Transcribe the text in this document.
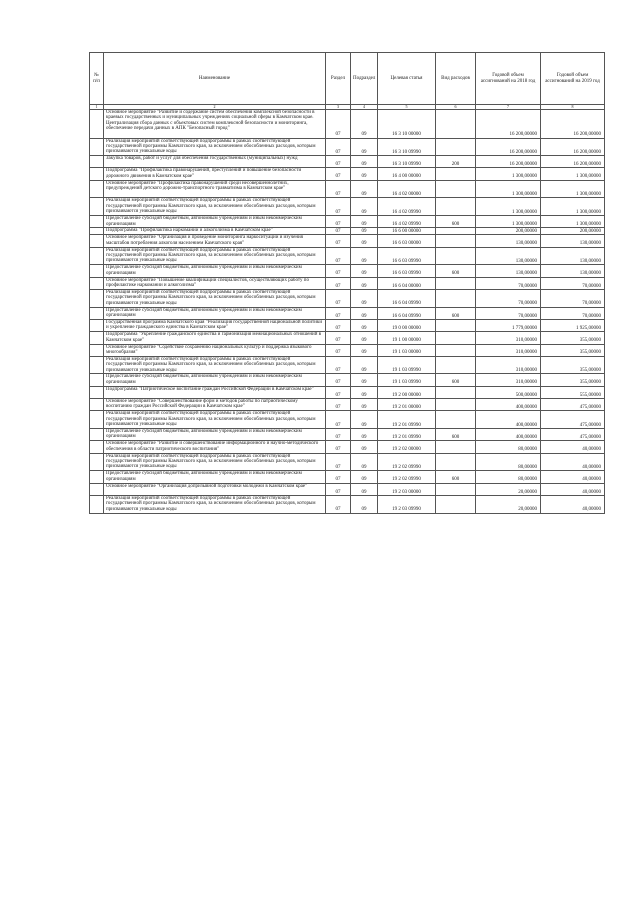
№ п/п	Наименование	Раздел	Подраздел	Целевая статья	Вид расходов	Годовой объем ассигнований на 2018 год	Годовой объем ассигнований на 2019 год
1	2	3	4	5	6	7	8
	Основное мероприятие "Развитие и содержание систем обеспечения комплексной безопасности в краевых государственных и муниципальных учреждениях социальной сферы в Камчатском крае. Централизация сбора данных с объектовых систем комплексной безопасности и мониторинга, обеспечение передачи данных в АПК "Безопасный город"	07	09	16 3 10 00000		16 200,00000	16 200,00000
	Реализация мероприятий соответствующей подпрограммы в рамках соответствующей государственной программы Камчатского края, за исключением обособленных расходов, которым присваиваются уникальные коды	07	09	16 3 10 09990		16 200,00000	16 200,00000
	Закупка товаров, работ и услуг для обеспечения государственных (муниципальных) нужд	07	09	16 3 10 09990	200	16 200,00000	16 200,00000
	Подпрограмма "Профилактика правонарушений, преступлений и повышение безопасности дорожного движения в Камчатском крае"	07	09	16 4 00 00000		1 300,00000	1 300,00000
	Основное мероприятие "Профилактика правонарушений среди несовершеннолетних, предупреждений детского дорожно-транспортного травматизма в Камчатском крае"	07	09	16 4 02 00000		1 300,00000	1 300,00000
	Реализация мероприятий соответствующей подпрограммы в рамках соответствующей государственной программы Камчатского края, за исключением обособленных расходов, которым присваиваются уникальные коды	07	09	16 4 02 09990		1 300,00000	1 300,00000
	Предоставление субсидий бюджетным, автономным учреждениям и иным некоммерческим организациям	07	09	16 4 02 09990	600	1 300,00000	1 300,00000
	Подпрограмма "Профилактика наркомании и алкоголизма в Камчатском крае"	07	09	16 6 00 00000		200,00000	200,00000
	Основное мероприятие "Организация и проведение мониторинга наркоситуации и изучения масштабов потребления алкоголя населением Камчатского края"	07	09	16 6 03 00000		130,00000	130,00000
	Реализация мероприятий соответствующей подпрограммы в рамках соответствующей государственной программы Камчатского края, за исключением обособленных расходов, которым присваиваются уникальные коды	07	09	16 6 03 09990		130,00000	130,00000
	Предоставление субсидий бюджетным, автономным учреждениям и иным некоммерческим организациям	07	09	16 6 03 09990	600	130,00000	130,00000
	Основное мероприятие "Повышение квалификации специалистов, осуществляющих работу по профилактике наркомании и алкоголизма"	07	09	16 6 04 00000		70,00000	70,00000
	Реализация мероприятий соответствующей подпрограммы в рамках соответствующей государственной программы Камчатского края, за исключением обособленных расходов, которым присваиваются уникальные коды	07	09	16 6 04 09990		70,00000	70,00000
	Предоставление субсидий бюджетным, автономным учреждениям и иным некоммерческим организациям	07	09	16 6 04 09990	600	70,00000	70,00000
	Государственная программа Камчатского края "Реализация государственной национальной политики и укрепление гражданского единства в Камчатском крае"	07	09	19 0 00 00000		1 779,00000	1 925,00000
	Подпрограмма "Укрепление гражданского единства и гармонизация межнациональных отношений в Камчатском крае"	07	09	19 1 00 00000		310,00000	355,00000
	Основное мероприятие "Содействие сохранению национальных культур и поддержка языкового многообразия"	07	09	19 1 03 00000		310,00000	355,00000
	Реализация мероприятий соответствующей подпрограммы в рамках соответствующей государственной программы Камчатского края, за исключением обособленных расходов, которым присваиваются уникальные коды	07	09	19 1 03 09990		310,00000	355,00000
	Предоставление субсидий бюджетным, автономным учреждениям и иным некоммерческим организациям	07	09	19 1 03 09990	600	310,00000	355,00000
	Подпрограмма "Патриотическое воспитание граждан Российской Федерации в Камчатском крае"	07	09	19 2 00 00000		500,00000	555,00000
	Основное мероприятие "Совершенствование форм и методов работы по патриотическому воспитанию граждан Российской Федерации в Камчатском крае"	07	09	19 2 01 00000		400,00000	475,00000
	Реализация мероприятий соответствующей подпрограммы в рамках соответствующей государственной программы Камчатского края, за исключением обособленных расходов, которым присваиваются уникальные коды	07	09	19 2 01 09990		400,00000	475,00000
	Предоставление субсидий бюджетным, автономным учреждениям и иным некоммерческим организациям	07	09	19 2 01 09990	600	400,00000	475,00000
	Основное мероприятие "Развитие и совершенствование информационного и научно-методического обеспечения в области патриотического воспитания"	07	09	19 2 02 00000		80,00000	40,00000
	Реализация мероприятий соответствующей подпрограммы в рамках соответствующей государственной программы Камчатского края, за исключением обособленных расходов, которым присваиваются уникальные коды	07	09	19 2 02 09990		80,00000	40,00000
	Предоставление субсидий бюджетным, автономным учреждениям и иным некоммерческим организациям	07	09	19 2 02 09990	600	80,00000	40,00000
	Основное мероприятие "Организация допризывной подготовки молодежи в Камчатском крае"	07	09	19 2 03 00000		20,00000	40,00000
	Реализация мероприятий соответствующей подпрограммы в рамках соответствующей государственной программы Камчатского края, за исключением обособленных расходов, которым присваиваются уникальные коды	07	09	19 2 03 09990		20,00000	40,00000
